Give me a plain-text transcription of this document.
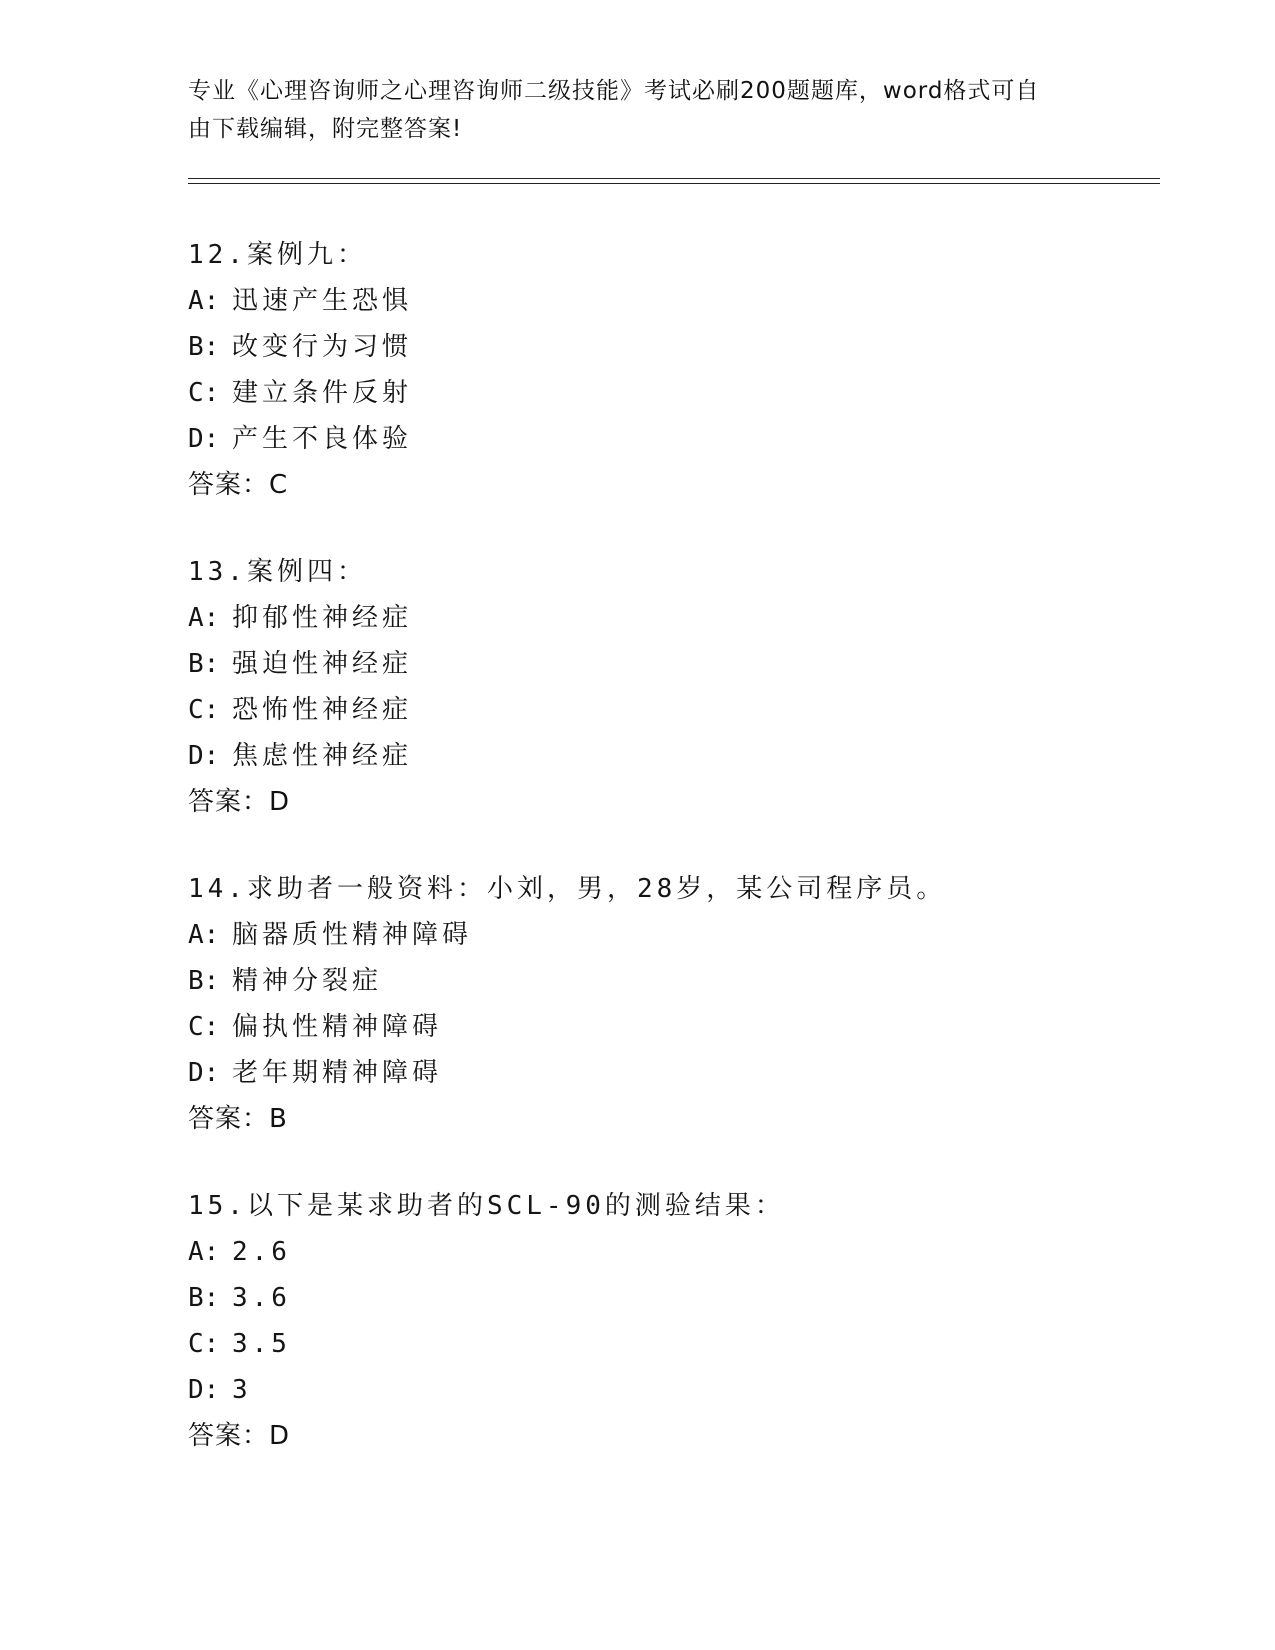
专业《心理咨询师之心理咨询师二级技能》考试必刷200题题库，word格式可自
由下载编辑，附完整答案!
12.案例九：
A: 迅速产生恐惧
B: 改变行为习惯
C: 建立条件反射
D: 产生不良体验
答案：C
13.案例四：
A: 抑郁性神经症
B: 强迫性神经症
C: 恐怖性神经症
D: 焦虑性神经症
答案：D
14.求助者一般资料：小刘，男，28岁，某公司程序员。
A: 脑器质性精神障碍
B: 精神分裂症
C: 偏执性精神障碍
D: 老年期精神障碍
答案：B
15.以下是某求助者的SCL-90的测验结果：
A: 2.6
B: 3.6
C: 3.5
D: 3
答案：D
